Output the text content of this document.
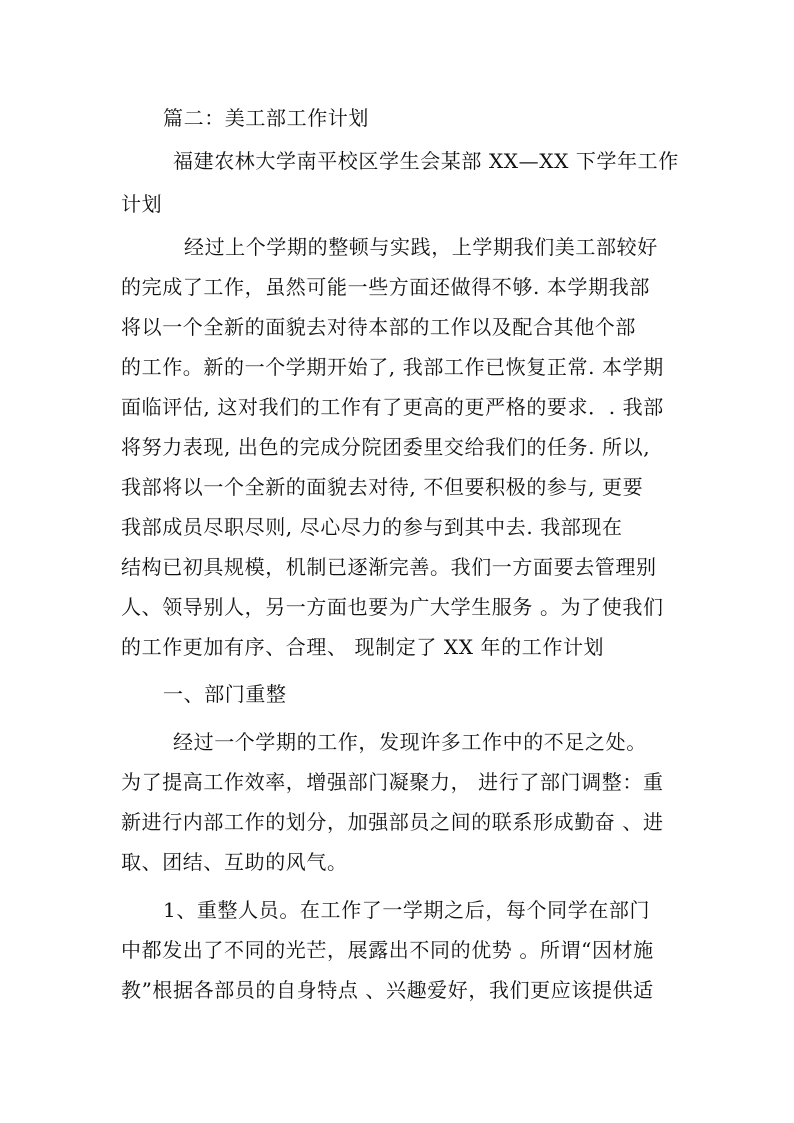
篇二：美工部工作计划
福建农林大学南平校区学生会某部 XX—XX 下学年工作
计划
经过上个学期的整顿与实践，上学期我们美工部较好
的完成了工作，虽然可能一些方面还做得不够. 本学期我部
将以一个全新的面貌去对待本部的工作以及配合其他个部
的工作。新的一个学期开始了, 我部工作已恢复正常. 本学期
面临评估, 这对我们的工作有了更高的更严格的要求．. 我部
将努力表现, 出色的完成分院团委里交给我们的任务. 所以,
我部将以一个全新的面貌去对待, 不但要积极的参与, 更要
我部成员尽职尽则, 尽心尽力的参与到其中去. 我部现在
结构已初具规模，机制已逐渐完善。我们一方面要去管理别
人、领导别人，另一方面也要为广大学生服务 。为了使我们
的工作更加有序、合理、 现制定了 XX 年的工作计划
一、部门重整
经过一个学期的工作，发现许多工作中的不足之处。
为了提高工作效率，增强部门凝聚力， 进行了部门调整：重
新进行内部工作的划分，加强部员之间的联系形成勤奋 、进
取、团结、互助的风气。
1、重整人员。在工作了一学期之后，每个同学在部门
中都发出了不同的光芒，展露出不同的优势 。所谓“因材施
教”根据各部员的自身特点 、兴趣爱好，我们更应该提供适
